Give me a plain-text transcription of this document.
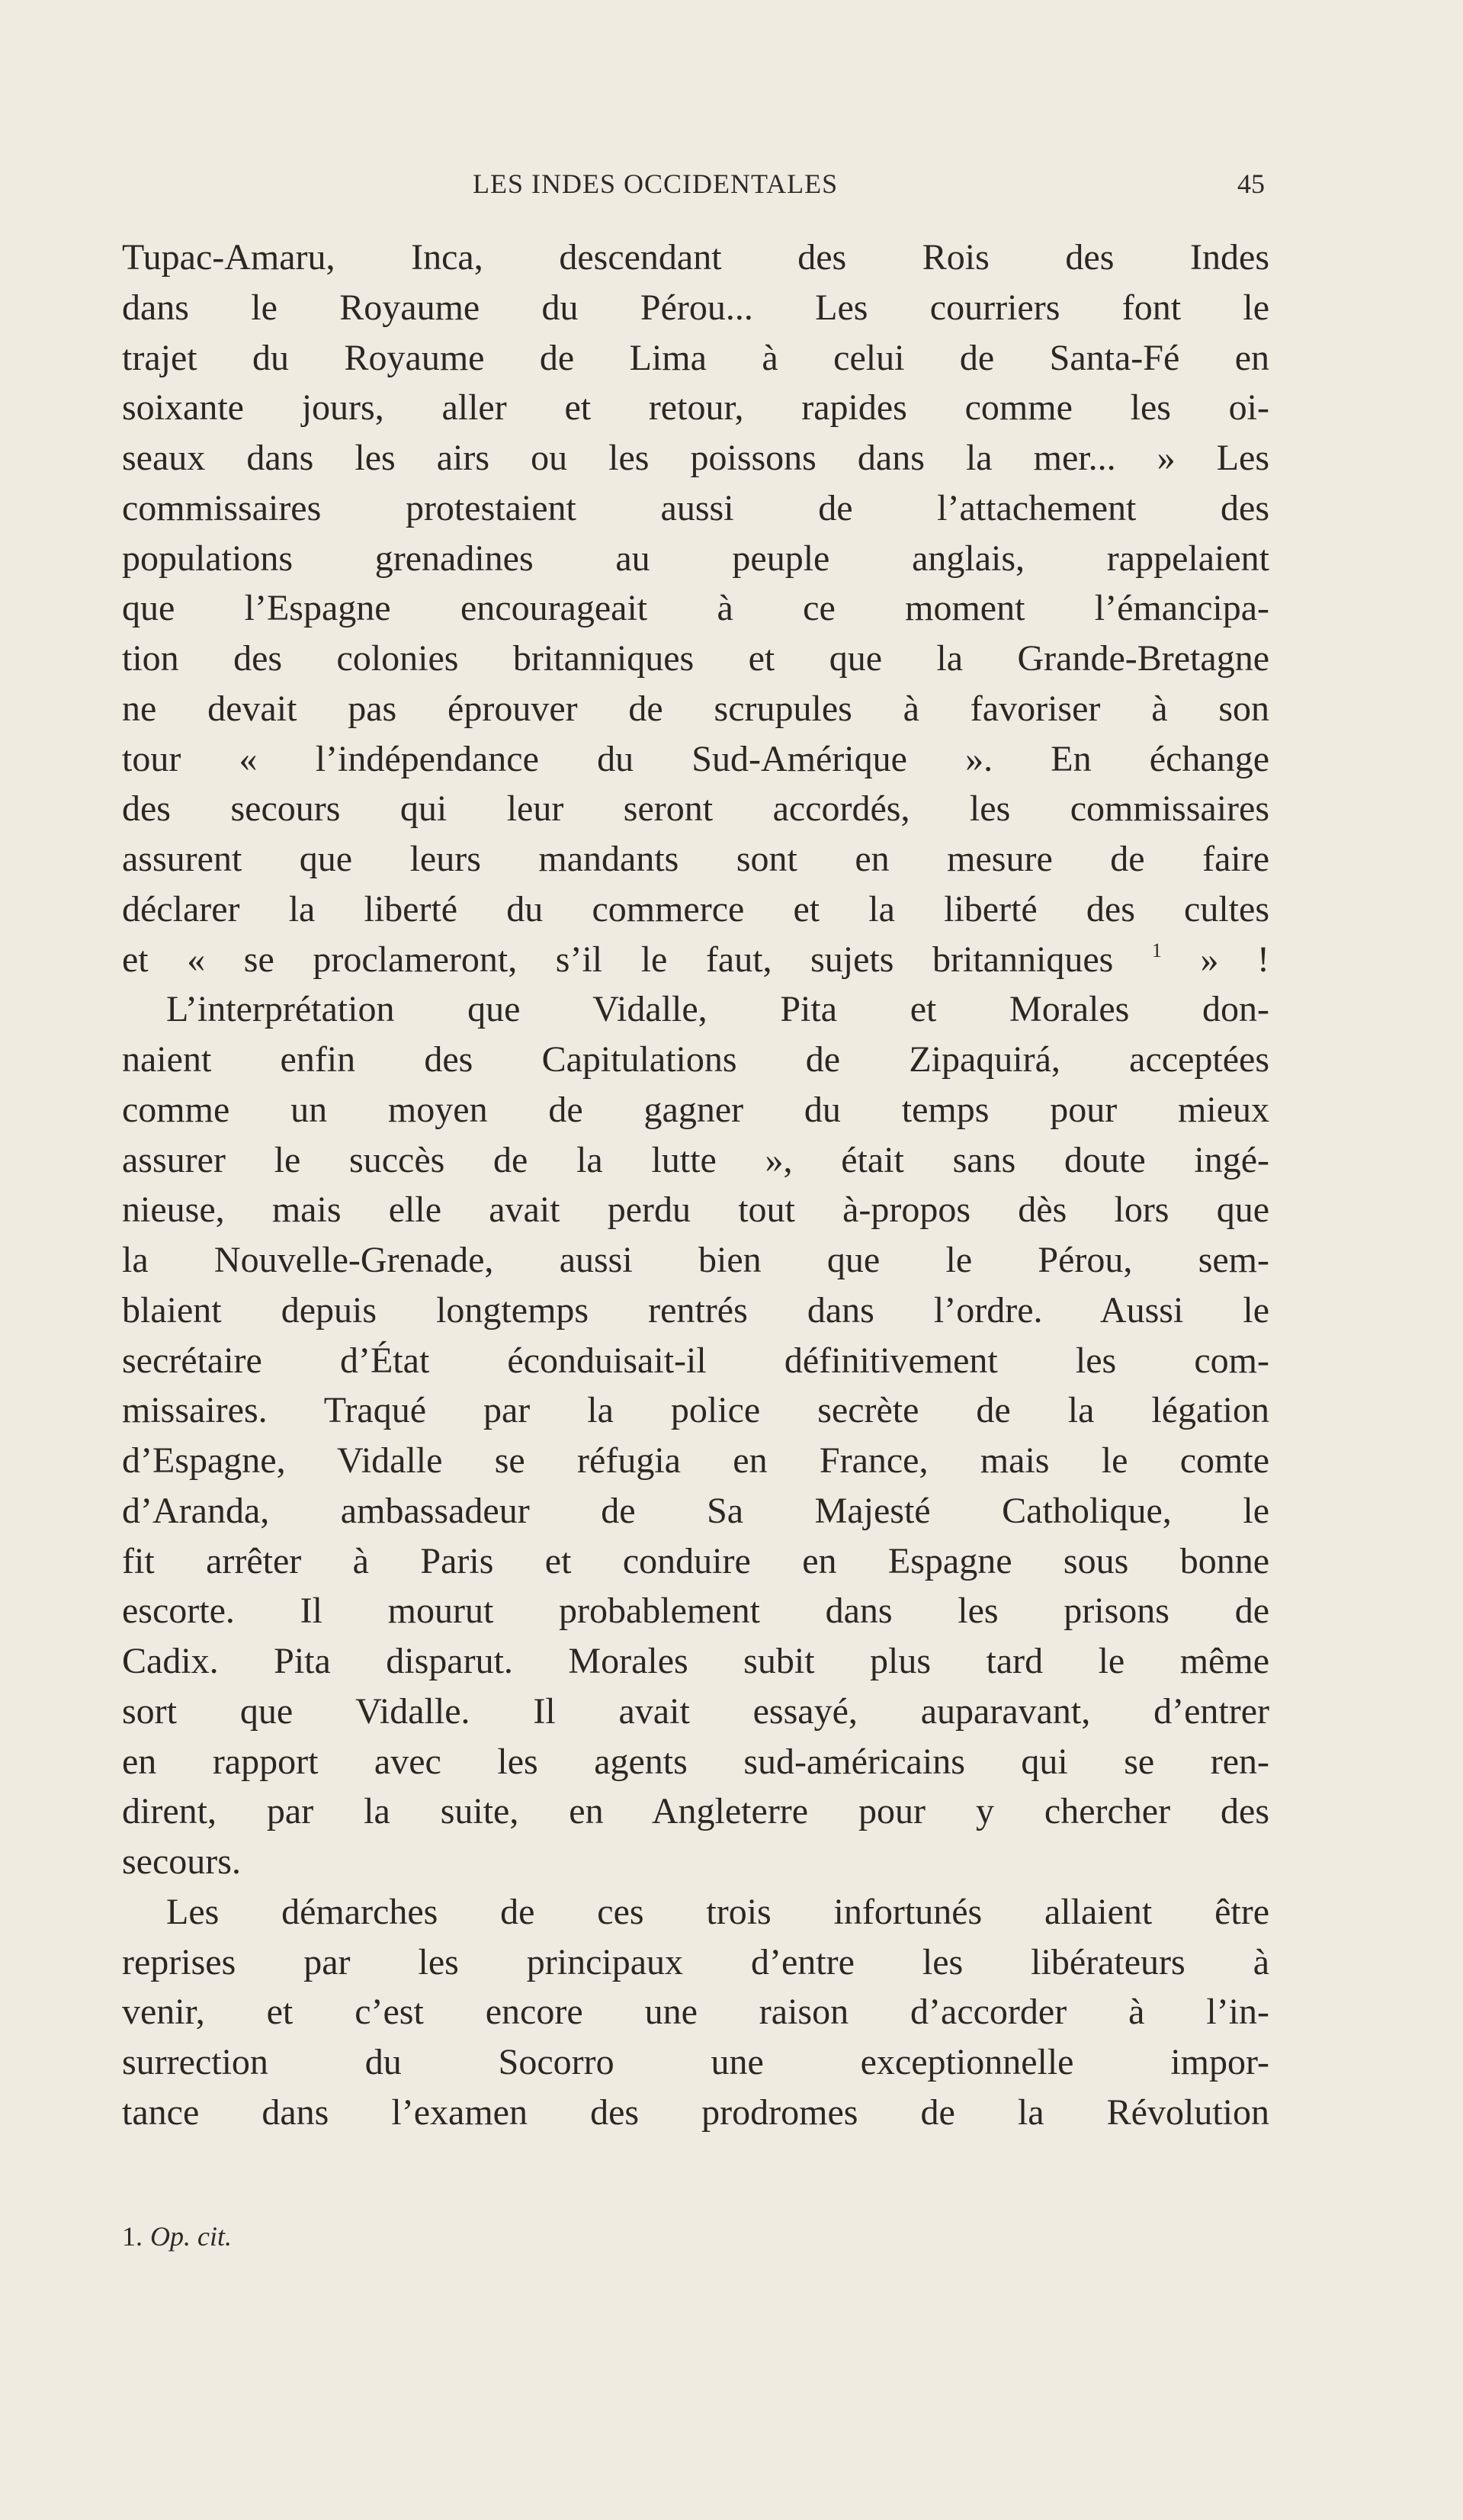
LES INDES OCCIDENTALES	45
Tupac-Amaru, Inca, descendant des Rois des Indes
dans le Royaume du Pérou... Les courriers font le
trajet du Royaume de Lima à celui de Santa-Fé en
soixante jours, aller et retour, rapides comme les oi-
seaux dans les airs ou les poissons dans la mer... » Les
commissaires protestaient aussi de l’attachement des
populations grenadines au peuple anglais, rappelaient
que l’Espagne encourageait à ce moment l’émancipa-
tion des colonies britanniques et que la Grande-Bretagne
ne devait pas éprouver de scrupules à favoriser à son
tour « l’indépendance du Sud-Amérique ». En échange
des secours qui leur seront accordés, les commissaires
assurent que leurs mandants sont en mesure de faire
déclarer la liberté du commerce et la liberté des cultes
et « se proclameront, s’il le faut, sujets britanniques $^1$ » !
L’interprétation que Vidalle, Pita et Morales don-
naient enfin des Capitulations de Zipaquirá, acceptées
comme un moyen de gagner du temps pour mieux
assurer le succès de la lutte », était sans doute ingé-
nieuse, mais elle avait perdu tout à-propos dès lors que
la Nouvelle-Grenade, aussi bien que le Pérou, sem-
blaient depuis longtemps rentrés dans l’ordre. Aussi le
secrétaire d’État éconduisait-il définitivement les com-
missaires. Traqué par la police secrète de la légation
d’Espagne, Vidalle se réfugia en France, mais le comte
d’Aranda, ambassadeur de Sa Majesté Catholique, le
fit arrêter à Paris et conduire en Espagne sous bonne
escorte. Il mourut probablement dans les prisons de
Cadix. Pita disparut. Morales subit plus tard le même
sort que Vidalle. Il avait essayé, auparavant, d’entrer
en rapport avec les agents sud-américains qui se ren-
dirent, par la suite, en Angleterre pour y chercher des
secours.
Les démarches de ces trois infortunés allaient être
reprises par les principaux d’entre les libérateurs à
venir, et c’est encore une raison d’accorder à l’in-
surrection du Socorro une exceptionnelle impor-
tance dans l’examen des prodromes de la Révolution
1. Op. cit.
